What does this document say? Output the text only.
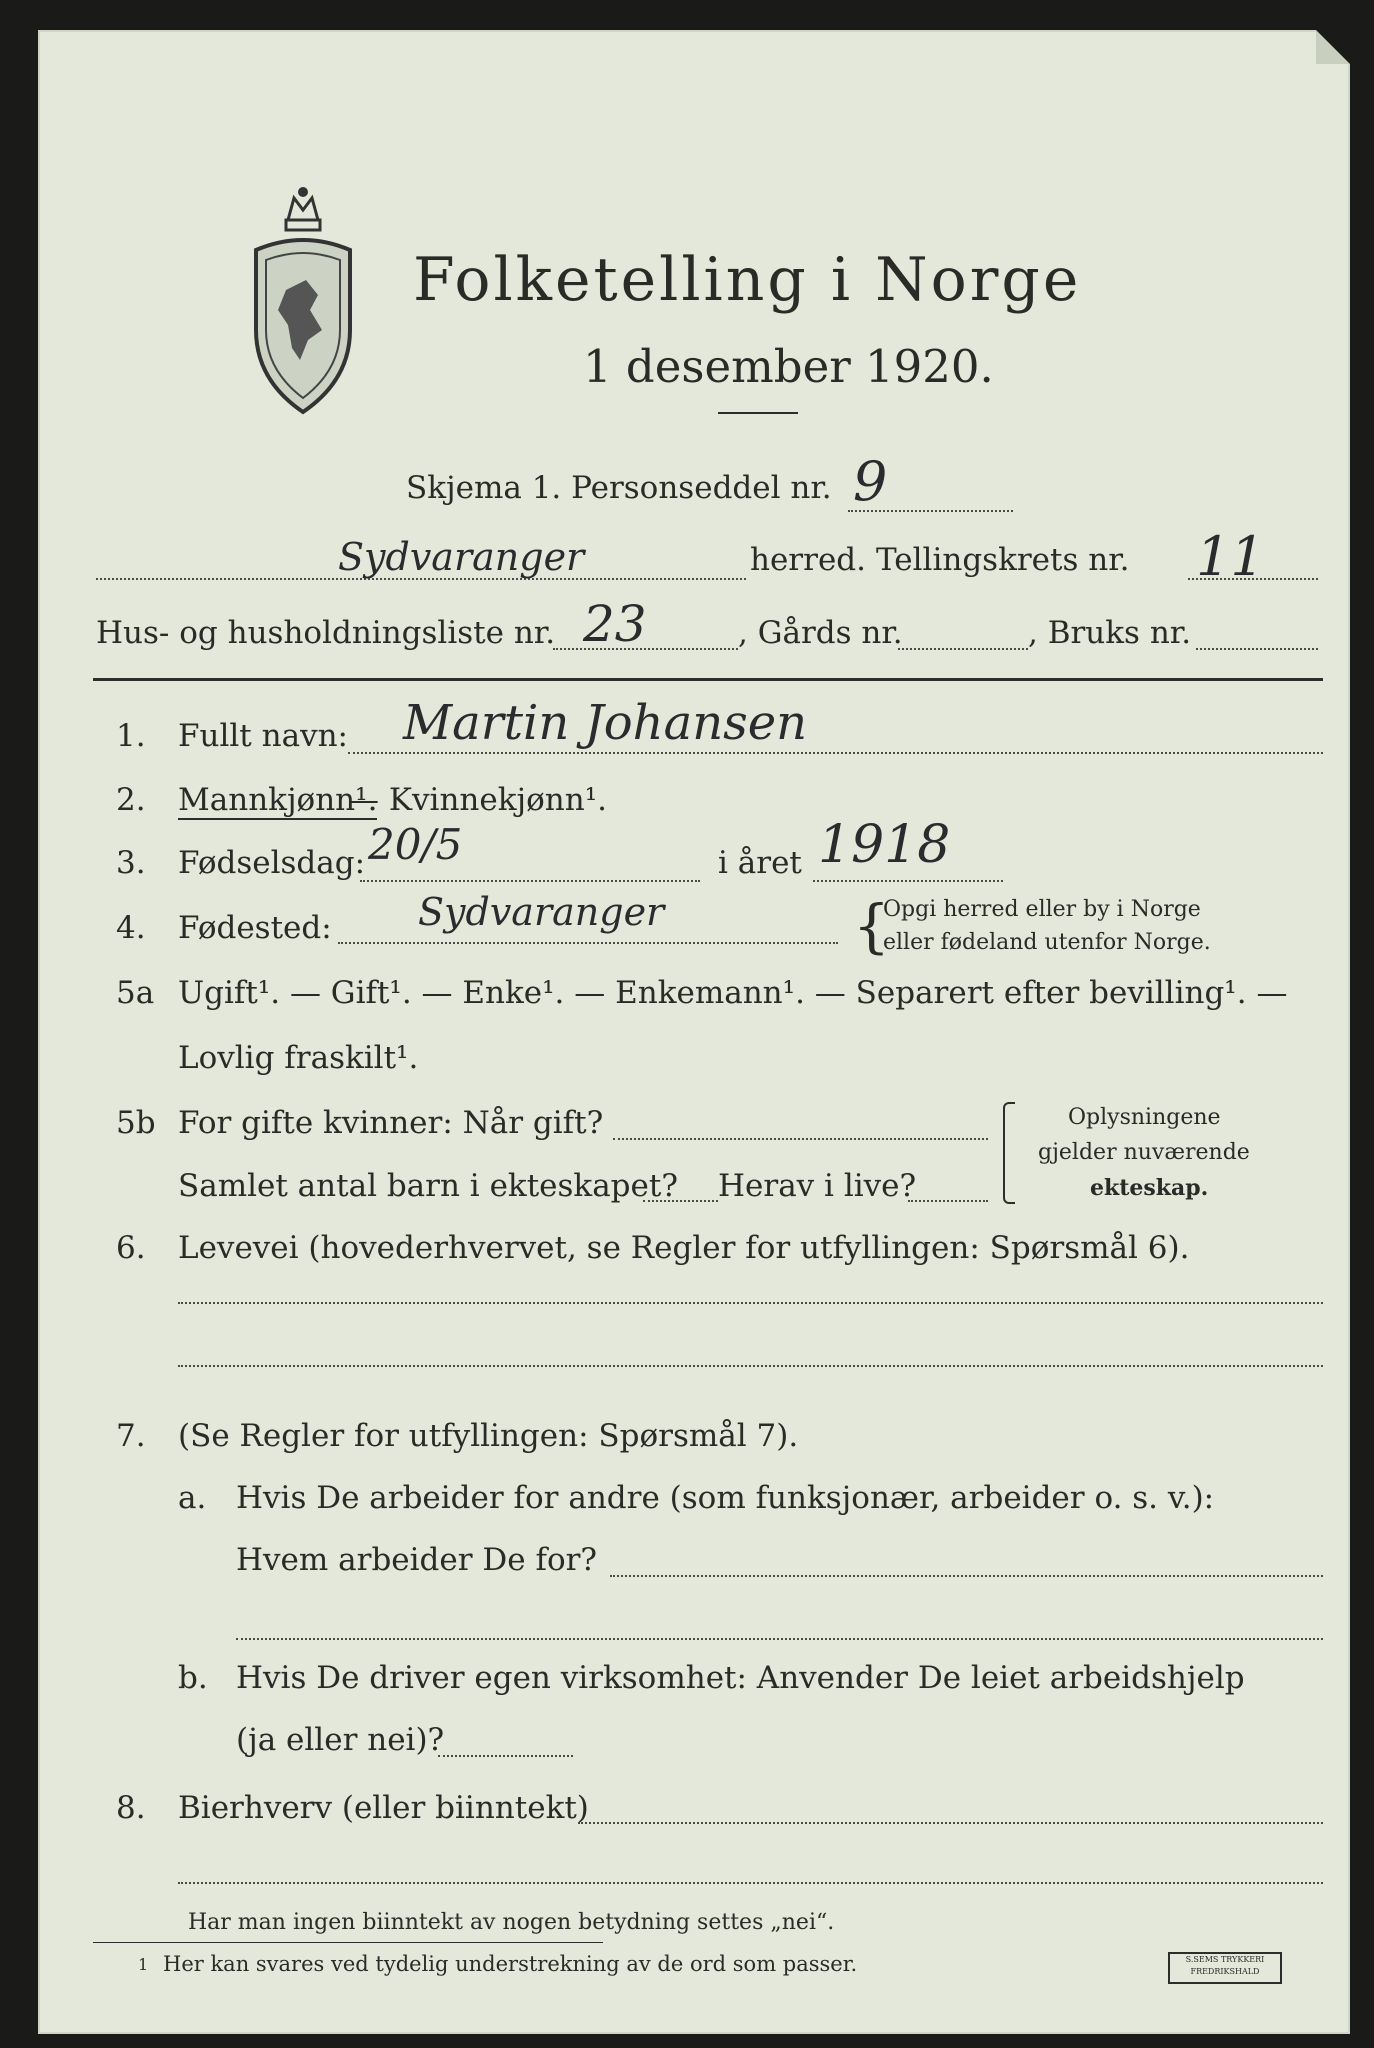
Folketelling i Norge
1 desember 1920.
Skjema 1. Personseddel nr. 9
Sydvaranger	herred. Tellingskrets nr. 11
Hus- og husholdningsliste nr. 23	, Gårds nr.	, Bruks nr.
1. Fullt navn: Martin Johansen
2. Mannkjønn¹.
— Kvinnekjønn¹.
3. Fødselsdag: 20/5	i året 1918
4. Fødested: Sydvaranger	{
Opgi herred eller by i Norge
eller fødeland utenfor Norge.
5a Ugift¹. — Gift¹. — Enke¹. — Enkemann¹. — Separert efter bevilling¹. —
Lovlig fraskilt¹.
5b For gifte kvinner: Når gift?
Samlet antal barn i ekteskapet? Herav i live?
Oplysningene
gjelder nuværende
ekteskap.
6. Levevei (hovederhvervet, se Regler for utfyllingen: Spørsmål 6).
7. (Se Regler for utfyllingen: Spørsmål 7).
a. Hvis De arbeider for andre (som funksjonær, arbeider o. s. v.):
Hvem arbeider De for?
b. Hvis De driver egen virksomhet: Anvender De leiet arbeidshjelp
(ja eller nei)?
8. Bierhverv (eller biinntekt)
Har man ingen biinntekt av nogen betydning settes „nei“.
1 Her kan svares ved tydelig understrekning av de ord som passer.	S.SEMS TRYKKERI
FREDRIKSHALD
